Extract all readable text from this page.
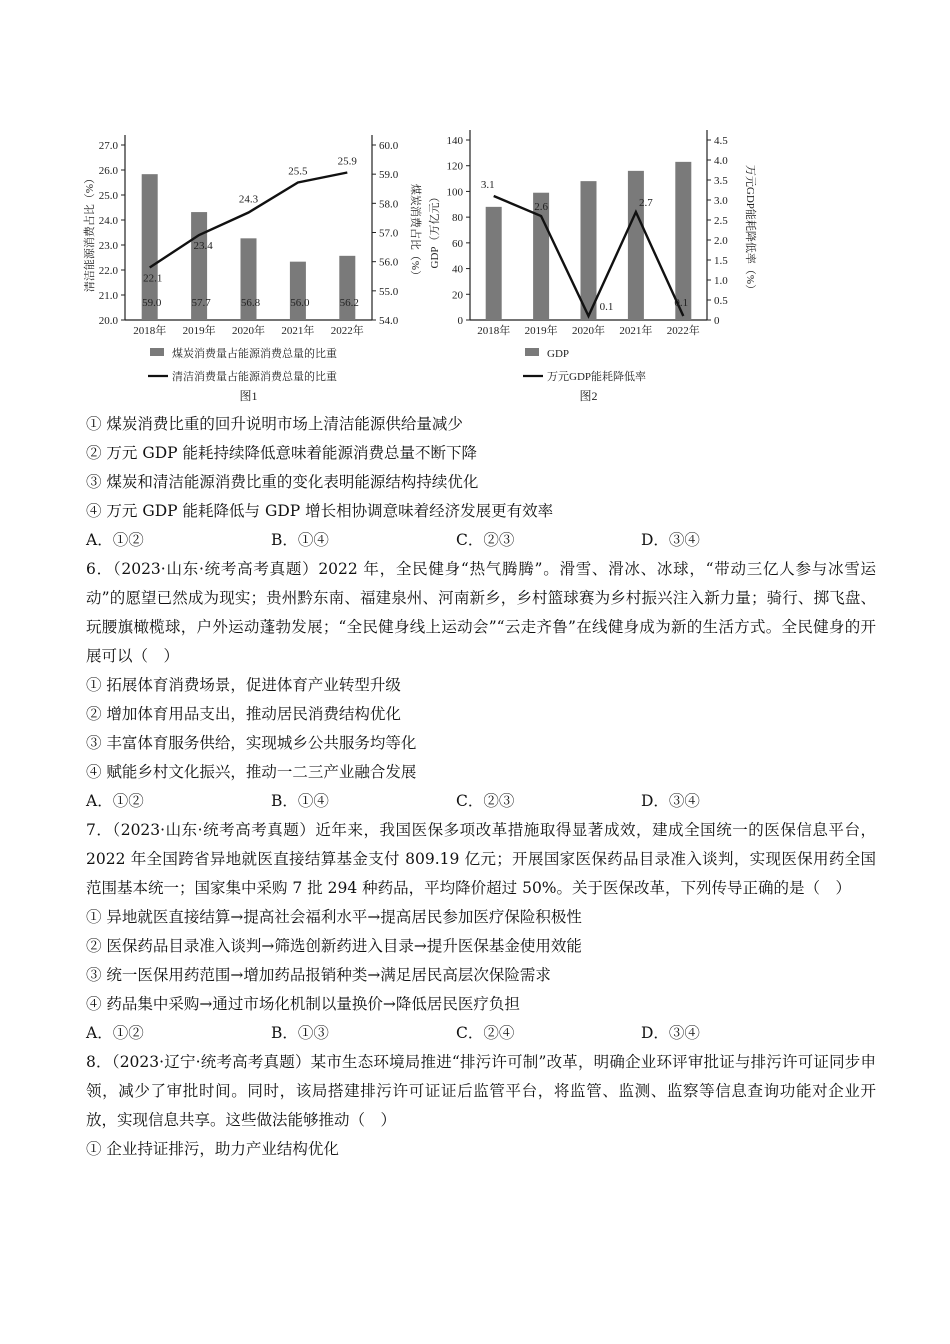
20.0
21.0
22.0
23.0
24.0
25.0
26.0
27.0
54.0
55.0
56.0
57.0
58.0
59.0
60.0
2018年 2019年 2020年 2021年 2022年
59.0	57.7	56.8	56.0	56.2
22.1
23.4
24.3
25.5
25.9
清洁能源消费占比（%）	煤炭消费占比（%）
煤炭消费量占能源消费总量的比重
清洁消费量占能源消费总量的比重
图1
0
20
40
60
80
100
120
140
0
0.5
1.0
1.5
2.0
2.5
3.0
3.5
4.0
4.5
2018年 2019年 2020年 2021年 2022年
3.1
2.6
0.1
2.7
0.1
GDP（万亿元）	万元GDP能耗降低率（%）
GDP
万元GDP能耗降低率
图2
① 煤炭消费比重的回升说明市场上清洁能源供给量减少
② 万元 GDP 能耗持续降低意味着能源消费总量不断下降
③ 煤炭和清洁能源消费比重的变化表明能源结构持续优化
④ 万元 GDP 能耗降低与 GDP 增长相协调意味着经济发展更有效率
A．①②	B．①④	C．②③	D．③④
6．（2023·山东·统考高考真题）2022 年，全民健身“热气腾腾”。滑雪、滑冰、冰球，“带动三亿人参与冰雪运动”的愿望已然成为现实；贵州黔东南、福建泉州、河南新乡，乡村篮球赛为乡村振兴注入新力量；骑行、掷飞盘、玩腰旗橄榄球，户外运动蓬勃发展；“全民健身线上运动会”“云走齐鲁”在线健身成为新的生活方式。全民健身的开展可以（　）
① 拓展体育消费场景，促进体育产业转型升级
② 增加体育用品支出，推动居民消费结构优化
③ 丰富体育服务供给，实现城乡公共服务均等化
④ 赋能乡村文化振兴，推动一二三产业融合发展
A．①②	B．①④	C．②③	D．③④
7．（2023·山东·统考高考真题）近年来，我国医保多项改革措施取得显著成效，建成全国统一的医保信息平台，2022 年全国跨省异地就医直接结算基金支付 809.19 亿元；开展国家医保药品目录准入谈判，实现医保用药全国范围基本统一；国家集中采购 7 批 294 种药品，平均降价超过 50%。关于医保改革，下列传导正确的是（　）
① 异地就医直接结算→提高社会福利水平→提高居民参加医疗保险积极性
② 医保药品目录准入谈判→筛选创新药进入目录→提升医保基金使用效能
③ 统一医保用药范围→增加药品报销种类→满足居民高层次保险需求
④ 药品集中采购→通过市场化机制以量换价→降低居民医疗负担
A．①②	B．①③	C．②④	D．③④
8．（2023·辽宁·统考高考真题）某市生态环境局推进“排污许可制”改革，明确企业环评审批证与排污许可证同步申领，减少了审批时间。同时，该局搭建排污许可证证后监管平台，将监管、监测、监察等信息查询功能对企业开放，实现信息共享。这些做法能够推动（　）
① 企业持证排污，助力产业结构优化
